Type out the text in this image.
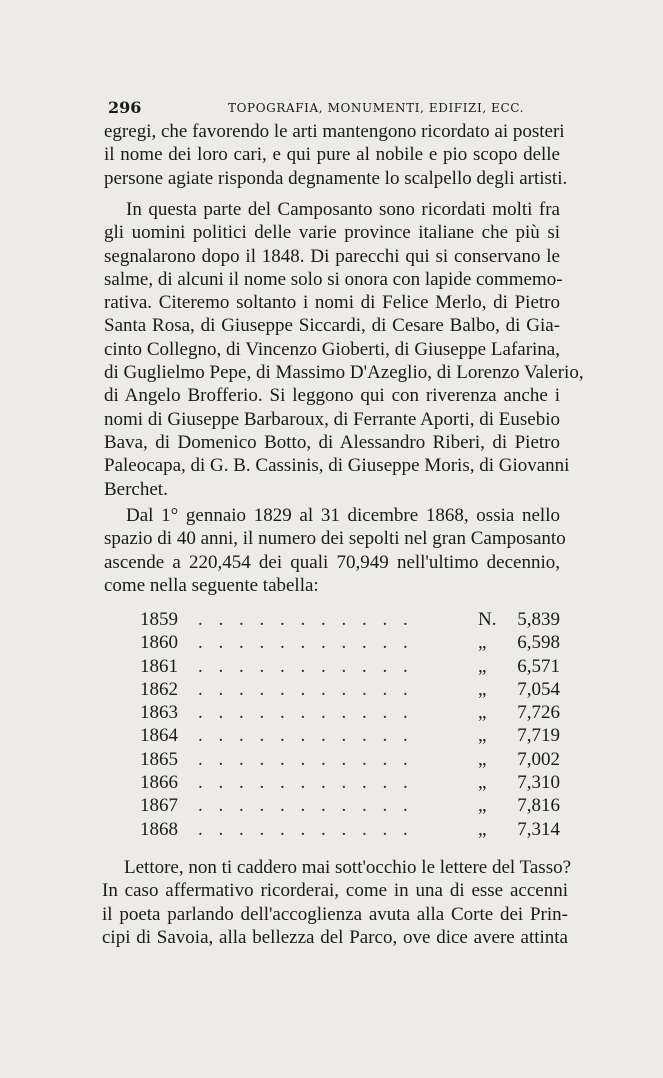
296	TOPOGRAFIA, MONUMENTI, EDIFIZI, ECC.
egregi, che favorendo le arti mantengono ricordato ai posteri
il nome dei loro cari, e qui pure al nobile e pio scopo delle
persone agiate risponda degnamente lo scalpello degli artisti.
In questa parte del Camposanto sono ricordati molti fra
gli uomini politici delle varie province italiane che più si
segnalarono dopo il 1848. Di parecchi qui si conservano le
salme, di alcuni il nome solo si onora con lapide commemo-
rativa. Citeremo soltanto i nomi di Felice Merlo, di Pietro
Santa Rosa, di Giuseppe Siccardi, di Cesare Balbo, di Gia-
cinto Collegno, di Vincenzo Gioberti, di Giuseppe Lafarina,
di Guglielmo Pepe, di Massimo D'Azeglio, di Lorenzo Valerio,
di Angelo Brofferio. Si leggono qui con riverenza anche i
nomi di Giuseppe Barbaroux, di Ferrante Aporti, di Eusebio
Bava, di Domenico Botto, di Alessandro Riberi, di Pietro
Paleocapa, di G. B. Cassinis, di Giuseppe Moris, di Giovanni
Berchet.
Dal 1° gennaio 1829 al 31 dicembre 1868, ossia nello
spazio di 40 anni, il numero dei sepolti nel gran Camposanto
ascende a 220,454 dei quali 70,949 nell'ultimo decennio,
come nella seguente tabella:
1859 . . . . . . . . . . .	N. 5,839
1860 . . . . . . . . . . .	„ 6,598
1861 . . . . . . . . . . .	„ 6,571
1862 . . . . . . . . . . .	„ 7,054
1863 . . . . . . . . . . .	„ 7,726
1864 . . . . . . . . . . .	„ 7,719
1865 . . . . . . . . . . .	„ 7,002
1866 . . . . . . . . . . .	„ 7,310
1867 . . . . . . . . . . .	„ 7,816
1868 . . . . . . . . . . .	„ 7,314
Lettore, non ti caddero mai sott'occhio le lettere del Tasso?
In caso affermativo ricorderai, come in una di esse accenni
il poeta parlando dell'accoglienza avuta alla Corte dei Prin-
cipi di Savoia, alla bellezza del Parco, ove dice avere attinta
